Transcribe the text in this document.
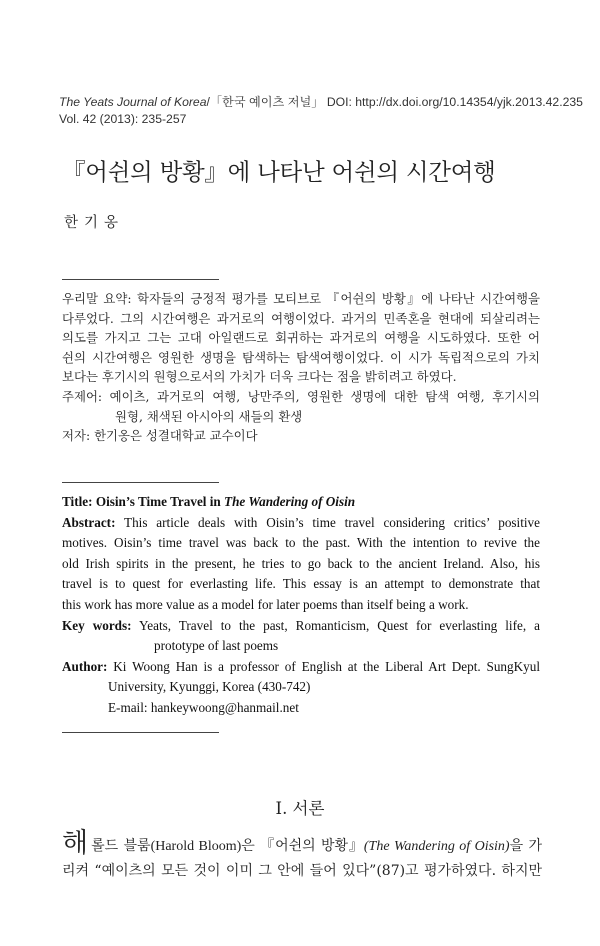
The Yeats Journal of Korea/「한국 예이츠 저널」 DOI: http://dx.doi.org/10.14354/yjk.2013.42.235
Vol. 42 (2013): 235-257
『어쉰의 방황』에 나타난 어쉰의 시간여행
한기옹

우리말 요약: 학자들의 긍정적 평가를 모티브로 『어쉰의 방황』에 나타난 시간여행을

다루었다. 그의 시간여행은 과거로의 여행이었다. 과거의 민족혼을 현대에 되살리려는

의도를 가지고 그는 고대 아일랜드로 회귀하는 과거로의 여행을 시도하였다. 또한 어

쉰의 시간여행은 영원한 생명을 탐색하는 탐색여행이었다. 이 시가 독립적으로의 가치

보다는 후기시의 원형으로서의 가치가 더욱 크다는 점을 밝히려고 하였다.

주제어: 예이츠, 과거로의 여행, 낭만주의, 영원한 생명에 대한 탐색 여행, 후기시의

원형, 채색된 아시아의 새들의 환생

저자: 한기옹은 성결대학교 교수이다

Title: Oisin’s Time Travel in The Wandering of Oisin

Abstract: This article deals with Oisin’s time travel considering critics’ positive

motives. Oisin’s time travel was back to the past. With the intention to revive the

old Irish spirits in the present, he tries to go back to the ancient Ireland. Also, his

travel is to quest for everlasting life. This essay is an attempt to demonstrate that

this work has more value as a model for later poems than itself being a work.

Key words: Yeats, Travel to the past, Romanticism, Quest for everlasting life, a

prototype of last poems

Author: Ki Woong Han is a professor of English at the Liberal Art Dept. SungKyul

University, Kyunggi, Korea (430-742)

E-mail: hankeywoong@hanmail.net

I. 서론

해롤드 블룸(Harold Bloom)은 『어쉰의 방황』(The Wandering of Oisin)을 가

리켜 “예이츠의 모든 것이 이미 그 안에 들어 있다”(87)고 평가하였다. 하지만
